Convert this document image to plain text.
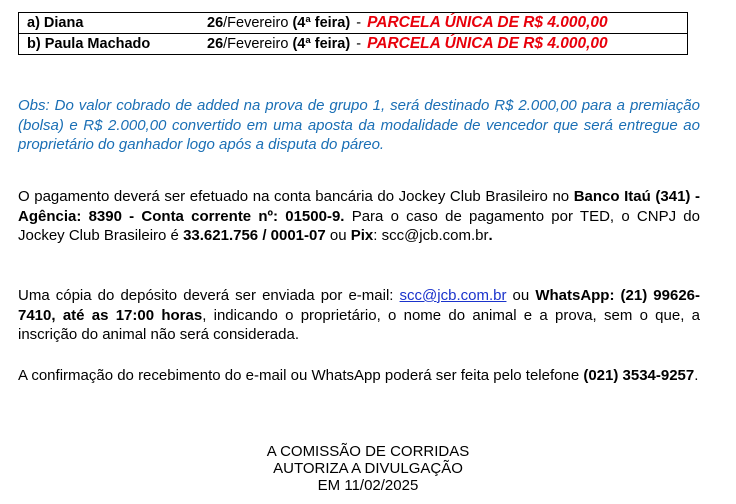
a) Diana	26/Fevereiro (4ª feira) - PARCELA ÚNICA DE R$ 4.000,00
b) Paula Machado	26/Fevereiro (4ª feira) - PARCELA ÚNICA DE R$ 4.000,00

Obs: Do valor cobrado de added na prova de grupo 1, será destinado R$ 2.000,00 para a premiação (bolsa) e R$ 2.000,00 convertido em uma aposta da modalidade de vencedor que será entregue ao proprietário do ganhador logo após a disputa do páreo.

O pagamento deverá ser efetuado na conta bancária do Jockey Club Brasileiro no Banco Itaú (341) - Agência: 8390 - Conta corrente nº: 01500-9. Para o caso de pagamento por TED, o CNPJ do Jockey Club Brasileiro é 33.621.756 / 0001-07 ou Pix: scc@jcb.com.br.

Uma cópia do depósito deverá ser enviada por e-mail: scc@jcb.com.br ou WhatsApp: (21) 99626-7410, até as 17:00 horas, indicando o proprietário, o nome do animal e a prova, sem o que, a inscrição do animal não será considerada.

A confirmação do recebimento do e-mail ou WhatsApp poderá ser feita pelo telefone (021) 3534-9257.

A COMISSÃO DE CORRIDAS
AUTORIZA A DIVULGAÇÃO
EM 11/02/2025
